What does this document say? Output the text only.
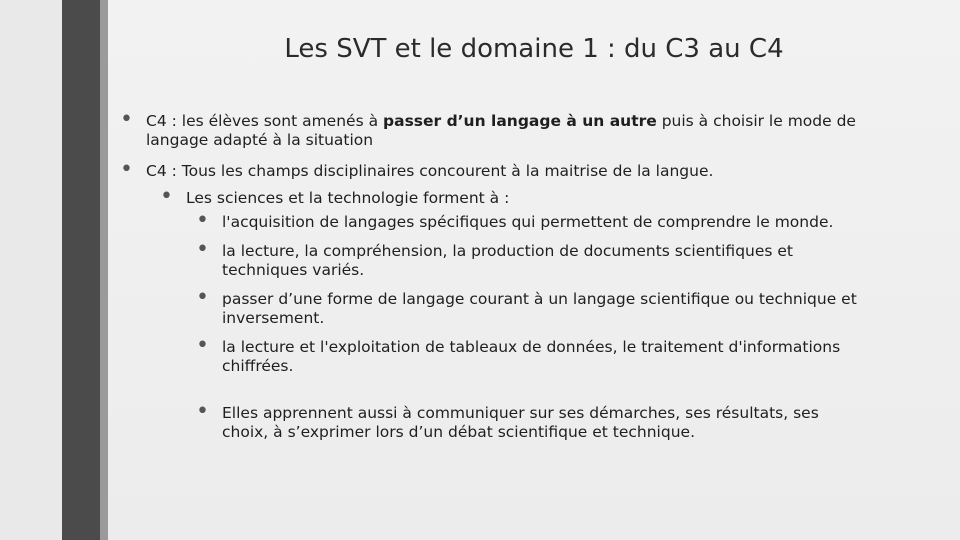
Les SVT et le domaine 1 : du C3 au C4
• C4 : les élèves sont amenés à passer d’un langage à un autre puis à choisir le mode de langage adapté à la situation
• C4 : Tous les champs disciplinaires concourent à la maitrise de la langue.
• Les sciences et la technologie forment à :
• l'acquisition de langages spécifiques qui permettent de comprendre le monde.
• la lecture, la compréhension, la production de documents scientifiques et techniques variés.
• passer d’une forme de langage courant à un langage scientifique ou technique et inversement.
• la lecture et l'exploitation de tableaux de données, le traitement d'informations chiffrées.
• Elles apprennent aussi à communiquer sur ses démarches, ses résultats, ses choix, à s’exprimer lors d’un débat scientifique et technique.
